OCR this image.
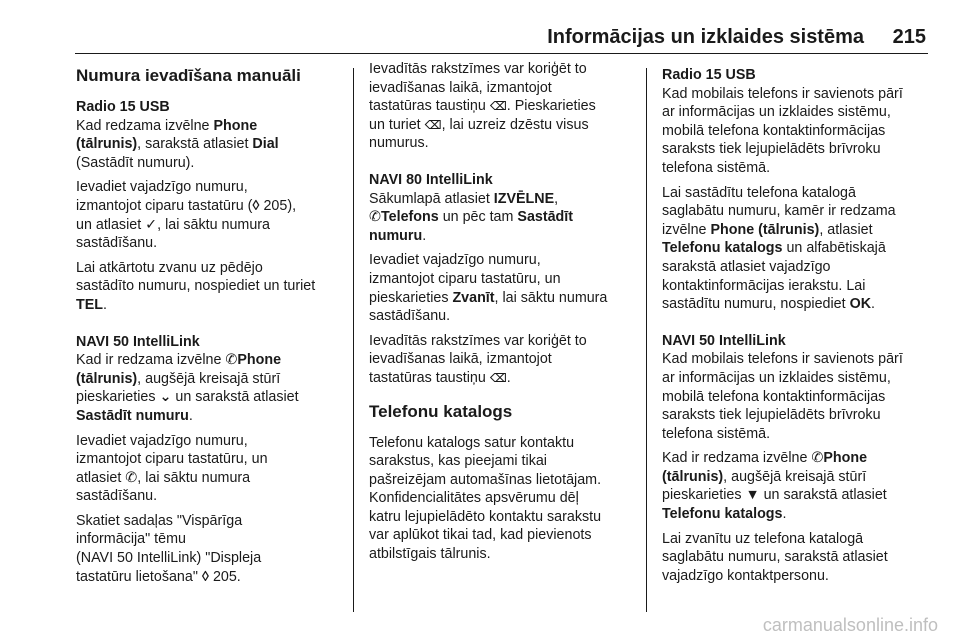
Informācijas un izklaides sistēma 215
Numura ievadīšana manuāli
Radio 15 USB

Kad redzama izvēlne Phone
(tālrunis), sarakstā atlasiet Dial
(Sastādīt numuru).

Ievadiet vajadzīgo numuru,
izmantojot ciparu tastatūru (◊ 205),
un atlasiet ✓, lai sāktu numura
sastādīšanu.

Lai atkārtotu zvanu uz pēdējo
sastādīto numuru, nospiediet un turiet
TEL.

NAVI 50 IntelliLink

Kad ir redzama izvēlne ✆Phone
(tālrunis), augšējā kreisajā stūrī
pieskarieties ⌄ un sarakstā atlasiet
Sastādīt numuru.

Ievadiet vajadzīgo numuru,
izmantojot ciparu tastatūru, un
atlasiet ✆, lai sāktu numura
sastādīšanu.

Skatiet sadaļas "Vispārīga
informācija" tēmu
(NAVI 50 IntelliLink) "Displeja
tastatūru lietošana" ◊ 205.

Ievadītās rakstzīmes var koriģēt to
ievadīšanas laikā, izmantojot
tastatūras taustiņu ⌫. Pieskarieties
un turiet ⌫, lai uzreiz dzēstu visus
numurus.

NAVI 80 IntelliLink

Sākumlapā atlasiet IZVĒLNE,
✆Telefons un pēc tam Sastādīt
numuru.

Ievadiet vajadzīgo numuru,
izmantojot ciparu tastatūru, un
pieskarieties Zvanīt, lai sāktu numura
sastādīšanu.

Ievadītās rakstzīmes var koriģēt to
ievadīšanas laikā, izmantojot
tastatūras taustiņu ⌫.

Telefonu katalogs

Telefonu katalogs satur kontaktu
sarakstus, kas pieejami tikai
pašreizējam automašīnas lietotājam.
Konfidencialitātes apsvērumu dēļ
katru lejupielādēto kontaktu sarakstu
var aplūkot tikai tad, kad pievienots
atbilstīgais tālrunis.

Radio 15 USB

Kad mobilais telefons ir savienots pārī
ar informācijas un izklaides sistēmu,
mobilā telefona kontaktinformācijas
saraksts tiek lejupielādēts brīvroku
telefona sistēmā.

Lai sastādītu telefona katalogā
saglabātu numuru, kamēr ir redzama
izvēlne Phone (tālrunis), atlasiet
Telefonu katalogs un alfabētiskajā
sarakstā atlasiet vajadzīgo
kontaktinformācijas ierakstu. Lai
sastādītu numuru, nospiediet OK.

NAVI 50 IntelliLink

Kad mobilais telefons ir savienots pārī
ar informācijas un izklaides sistēmu,
mobilā telefona kontaktinformācijas
saraksts tiek lejupielādēts brīvroku
telefona sistēmā.

Kad ir redzama izvēlne ✆Phone
(tālrunis), augšējā kreisajā stūrī
pieskarieties ▼ un sarakstā atlasiet
Telefonu katalogs.

Lai zvanītu uz telefona katalogā
saglabātu numuru, sarakstā atlasiet
vajadzīgo kontaktpersonu.

carmanualsonline.info
